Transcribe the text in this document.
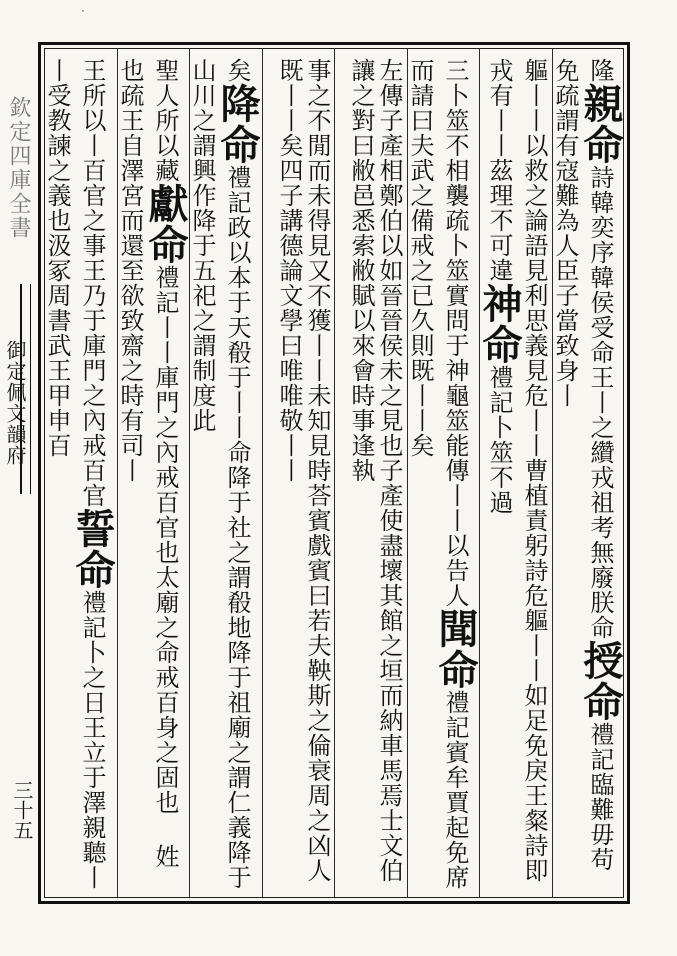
·
欽定四庫全書
御定佩文韻府
三十五
隆親命詩韓奕序韓侯受命王丨之纘戎祖考無廢朕命授命禮記臨難毋苟免疏謂有寇難為人臣子當致身丨
軀丨丨以救之論語見利思義見危丨丨曹植責躬詩危軀丨丨如足免戾王粲詩即戎有丨丨茲理不可違神命禮記卜筮不過
三卜筮不相襲疏卜筮實問于神龜筮能傳丨丨以告人聞命禮記賓牟賈起免席而請曰夫武之備戒之已久則既丨丨矣
左傳子產相鄭伯以如晉晉侯未之見也子產使盡壞其館之垣而納車馬焉士文伯讓之對曰敝邑悉索敝賦以來會時事逢執
事之不閒而未得見又不獲丨丨未知見時荅賓戲賓曰若夫鞅斯之倫衰周之凶人既丨丨矣四子講德論文學曰唯唯敬丨丨
矣降命禮記政以本于天殽于丨丨命降于社之謂殽地降于祖廟之謂仁義降于山川之謂興作降于五祀之謂制度此
聖人所以藏獻命禮記丨丨庫門之內戒百官也太廟之命戒百身之固也 姓也疏王自澤宮而還至欲致齋之時有司丨
王所以丨百官之事王乃于庫門之內戒百官誓命禮記卜之日王立于澤親聽丨丨受教諫之義也汲冢周書武王甲申百
